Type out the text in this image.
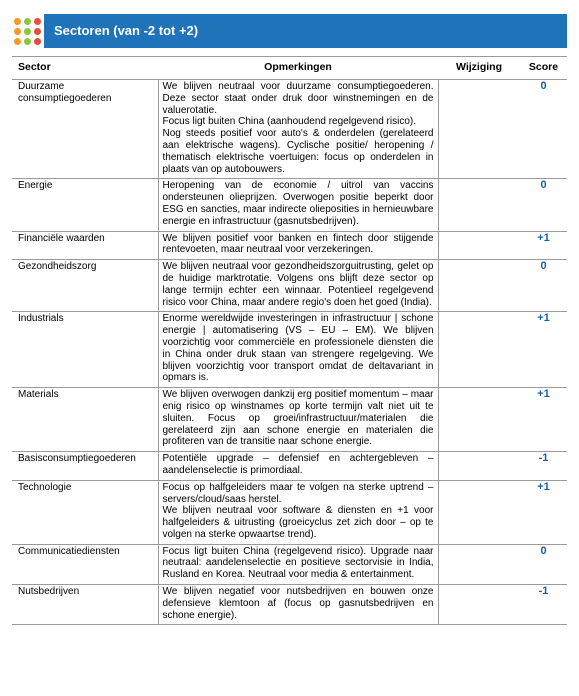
Sectoren (van -2 tot +2)
Sector	Opmerkingen	Wijziging	Score
Duurzame consumptiegoederen	We blijven neutraal voor duurzame consumptiegoederen. Deze sector staat onder druk door winstnemingen en de valuerotatie.
Focus ligt buiten China (aanhoudend regelgevend risico).
Nog steeds positief voor auto's & onderdelen (gerelateerd aan elektrische wagens). Cyclische positie/ heropening / thematisch elektrische voertuigen: focus op onderdelen in plaats van op autobouwers.		0
Energie	Heropening van de economie / uitrol van vaccins ondersteunen olieprijzen. Overwogen positie beperkt door ESG en sancties, maar indirecte olieposities in hernieuwbare energie en infrastructuur (gasnutsbedrijven).		0
Financiële waarden	We blijven positief voor banken en fintech door stijgende rentevoeten, maar neutraal voor verzekeringen.		+1
Gezondheidszorg	We blijven neutraal voor gezondheidszorguitrusting, gelet op de huidige marktrotatie. Volgens ons blijft deze sector op lange termijn echter een winnaar. Potentieel regelgevend risico voor China, maar andere regio's doen het goed (India).		0
Industrials	Enorme wereldwijde investeringen in infrastructuur | schone energie | automatisering (VS – EU – EM). We blijven voorzichtig voor commerciële en professionele diensten die in China onder druk staan van strengere regelgeving. We blijven voorzichtig voor transport omdat de deltavariant in opmars is.		+1
Materials	We blijven overwogen dankzij erg positief momentum – maar enig risico op winstnames op korte termijn valt niet uit te sluiten. Focus op groei/infrastructuur/materialen die gerelateerd zijn aan schone energie en materialen die profiteren van de transitie naar schone energie.		+1
Basisconsumptiegoederen	Potentiële upgrade – defensief en achtergebleven – aandelenselectie is primordiaal.		-1
Technologie	Focus op halfgeleiders maar te volgen na sterke uptrend – servers/cloud/saas herstel.
We blijven neutraal voor software & diensten en +1 voor halfgeleiders & uitrusting (groeicyclus zet zich door – op te volgen na sterke opwaartse trend).		+1
Communicatiediensten	Focus ligt buiten China (regelgevend risico). Upgrade naar neutraal: aandelenselectie en positieve sectorvisie in India, Rusland en Korea. Neutraal voor media & entertainment.		0
Nutsbedrijven	We blijven negatief voor nutsbedrijven en bouwen onze defensieve klemtoon af (focus op gasnutsbedrijven en schone energie).		-1
